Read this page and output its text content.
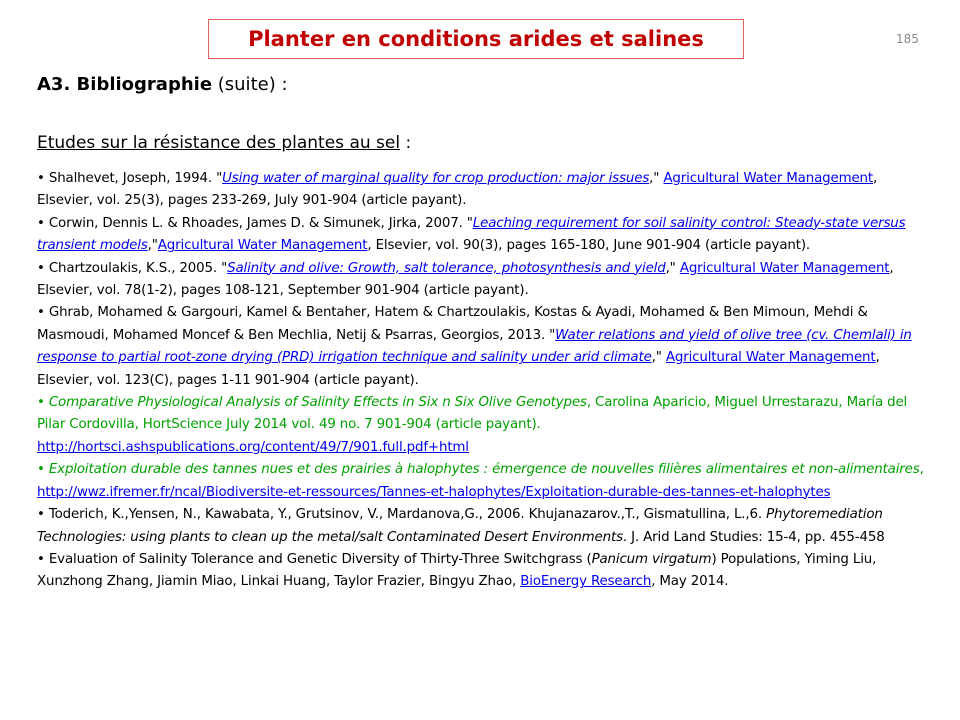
Planter en conditions arides et salines	185
A3. Bibliographie (suite) :
Etudes sur la résistance des plantes au sel :

• Shalhevet, Joseph, 1994. "Using water of marginal quality for crop production: major issues," Agricultural Water Management, Elsevier, vol. 25(3), pages 233-269, July 901-904 (article payant).

• Corwin, Dennis L. & Rhoades, James D. & Simunek, Jirka, 2007. "Leaching requirement for soil salinity control: Steady-state versus transient models,"Agricultural Water Management, Elsevier, vol. 90(3), pages 165-180, June 901-904 (article payant).

• Chartzoulakis, K.S., 2005. "Salinity and olive: Growth, salt tolerance, photosynthesis and yield," Agricultural Water Management, Elsevier, vol. 78(1-2), pages 108-121, September 901-904 (article payant).

• Ghrab, Mohamed & Gargouri, Kamel & Bentaher, Hatem & Chartzoulakis, Kostas & Ayadi, Mohamed & Ben Mimoun, Mehdi & Masmoudi, Mohamed Moncef & Ben Mechlia, Netij & Psarras, Georgios, 2013. "Water relations and yield of olive tree (cv. Chemlali) in response to partial root-zone drying (PRD) irrigation technique and salinity under arid climate," Agricultural Water Management, Elsevier, vol. 123(C), pages 1-11 901-904 (article payant).

• Comparative Physiological Analysis of Salinity Effects in Six n Six Olive Genotypes, Carolina Aparicio, Miguel Urrestarazu, María del Pilar Cordovilla, HortScience July 2014 vol. 49 no. 7 901-904 (article payant). http://hortsci.ashspublications.org/content/49/7/901.full.pdf+html

• Exploitation durable des tannes nues et des prairies à halophytes : émergence de nouvelles filières alimentaires et non-alimentaires, http://wwz.ifremer.fr/ncal/Biodiversite-et-ressources/Tannes-et-halophytes/Exploitation-durable-des-tannes-et-halophytes

• Toderich, K.,Yensen, N., Kawabata, Y., Grutsinov, V., Mardanova,G., 2006. Khujanazarov.,T., Gismatullina, L.,6. Phytoremediation Technologies: using plants to clean up the metal/salt Contaminated Desert Environments. J. Arid Land Studies: 15-4, pp. 455-458

• Evaluation of Salinity Tolerance and Genetic Diversity of Thirty-Three Switchgrass (Panicum virgatum) Populations, Yiming Liu, Xunzhong Zhang, Jiamin Miao, Linkai Huang, Taylor Frazier, Bingyu Zhao, BioEnergy Research, May 2014.
